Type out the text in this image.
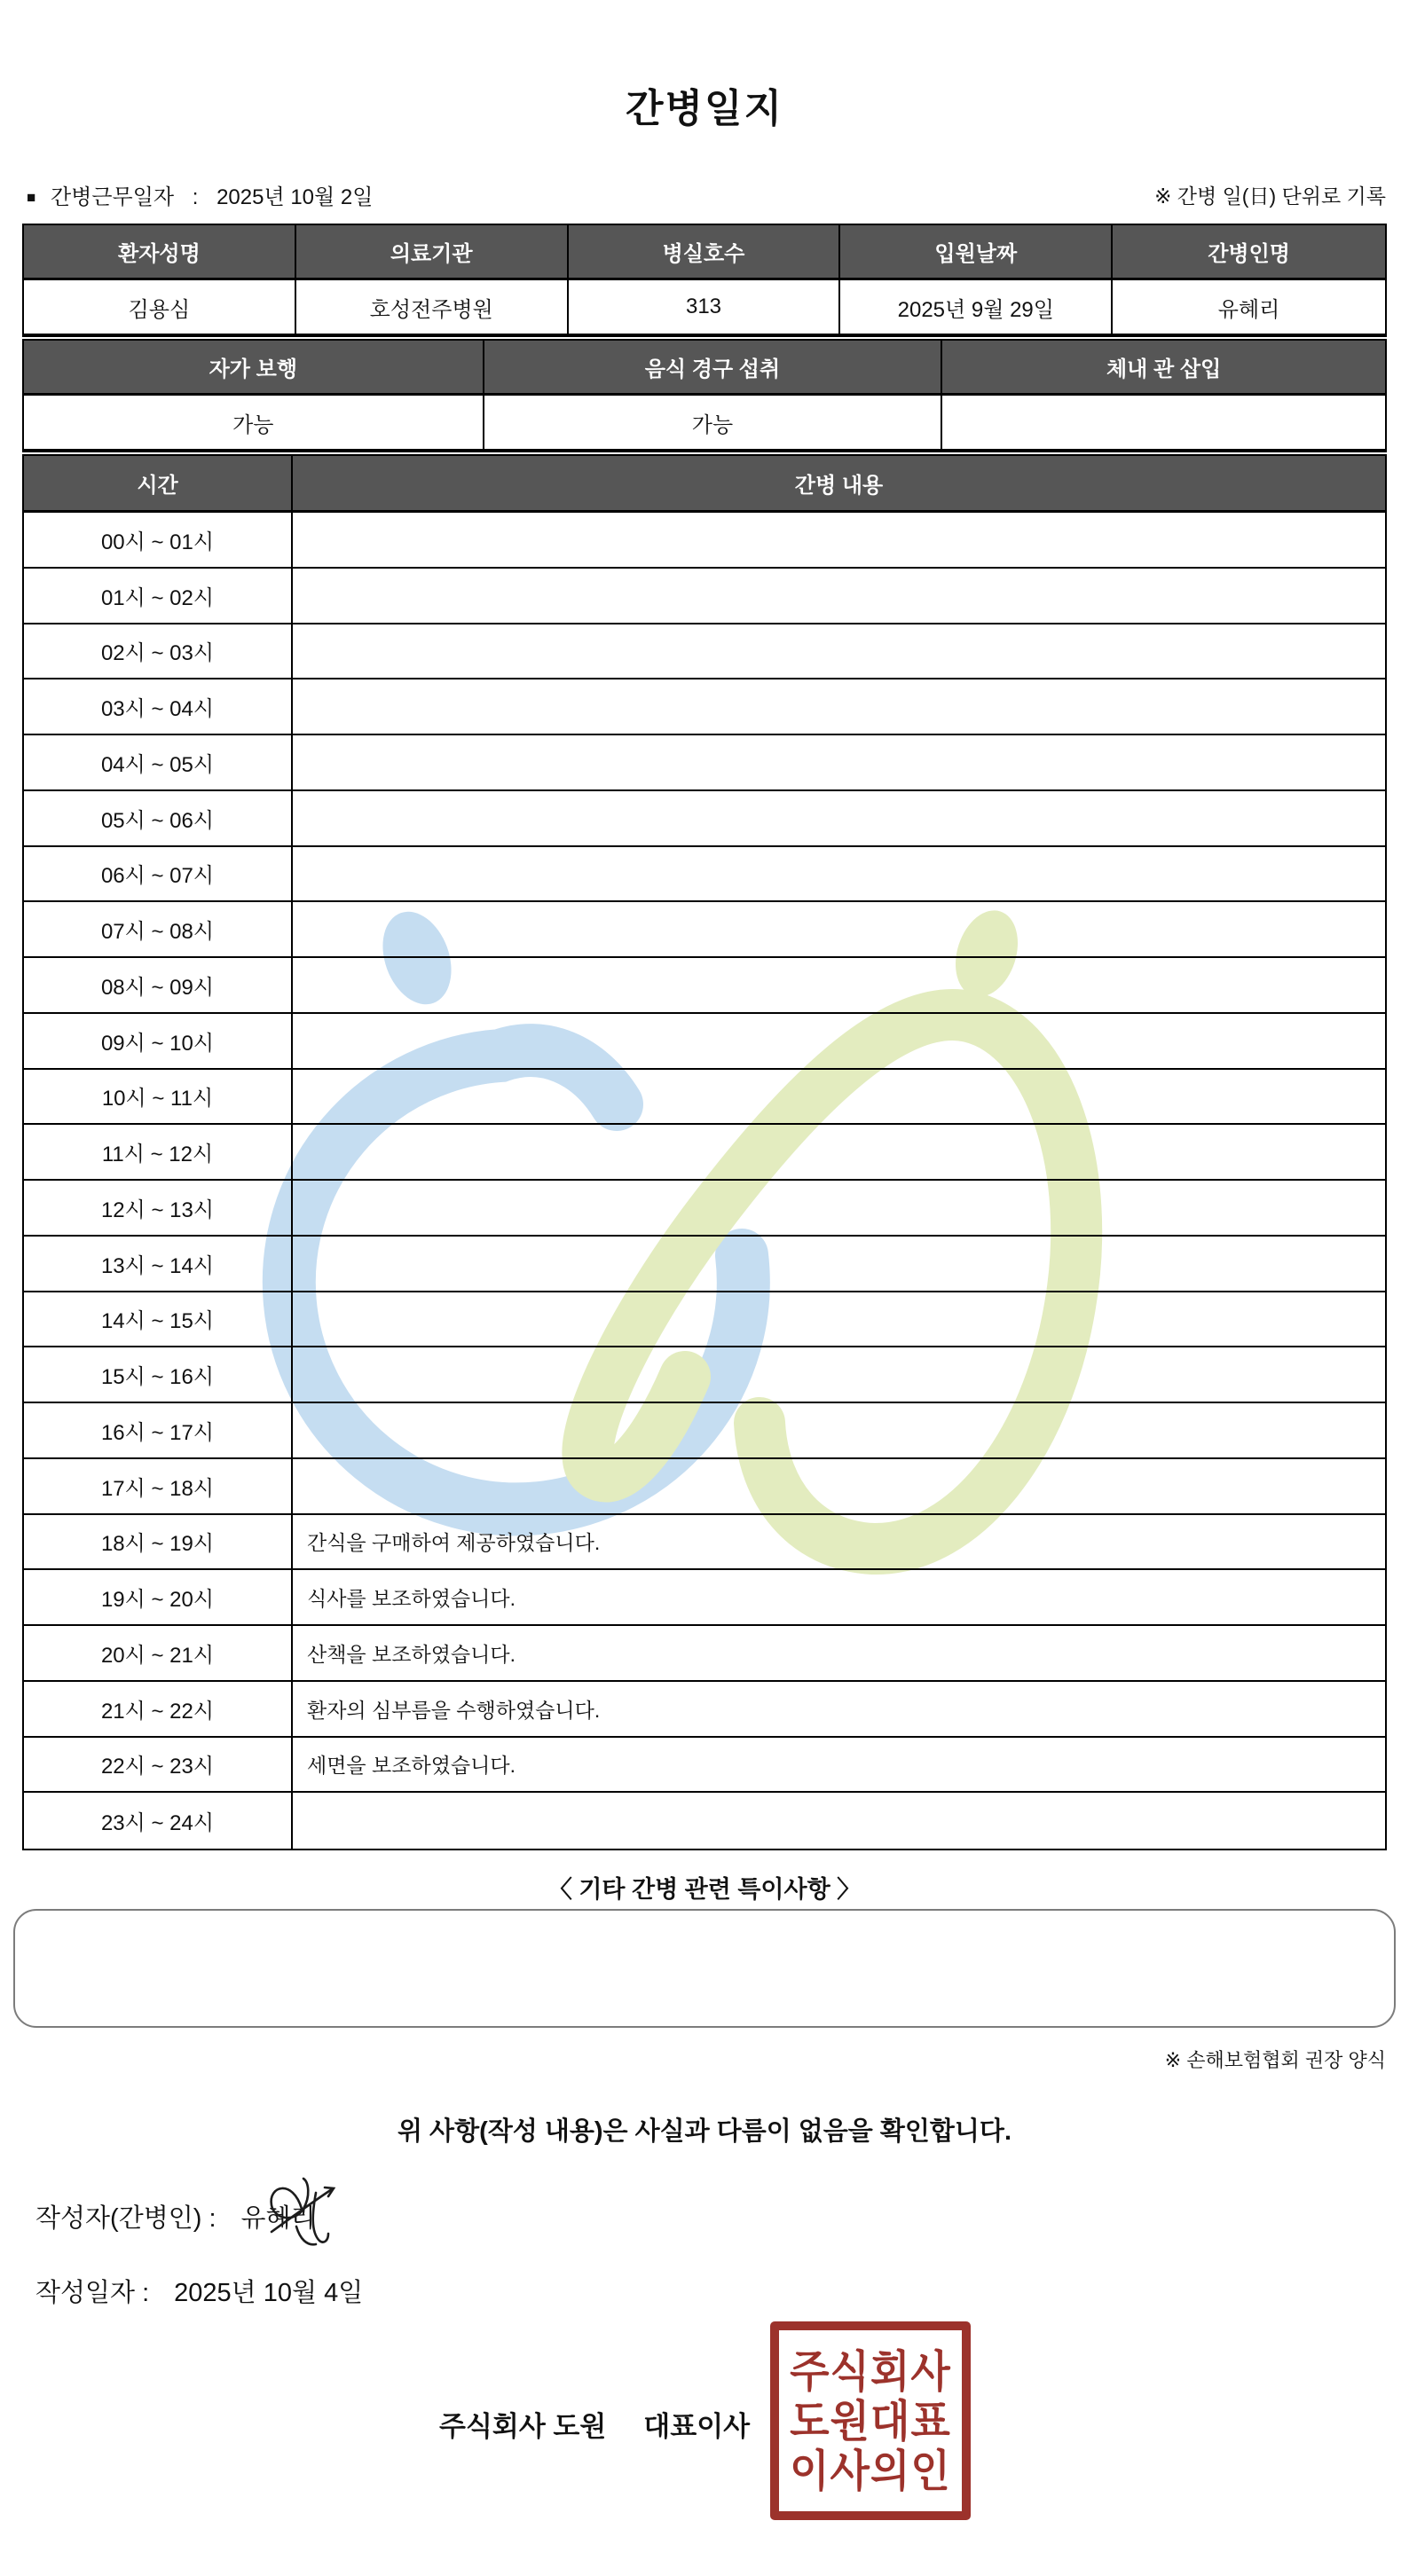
간병일지
■ 간병근무일자 : 2025년 10월 2일	※ 간병 일(日) 단위로 기록
환자성명	의료기관	병실호수	입원날짜	간병인명
김용심	호성전주병원	313	2025년 9월 29일	유혜리
자가 보행	음식 경구 섭취	체내 관 삽입
가능	가능
시간	간병 내용
00시 ~ 01시
01시 ~ 02시
02시 ~ 03시
03시 ~ 04시
04시 ~ 05시
05시 ~ 06시
06시 ~ 07시
07시 ~ 08시
08시 ~ 09시
09시 ~ 10시
10시 ~ 11시
11시 ~ 12시
12시 ~ 13시
13시 ~ 14시
14시 ~ 15시
15시 ~ 16시
16시 ~ 17시
17시 ~ 18시
18시 ~ 19시	간식을 구매하여 제공하였습니다.
19시 ~ 20시	식사를 보조하였습니다.
20시 ~ 21시	산책을 보조하였습니다.
21시 ~ 22시	환자의 심부름을 수행하였습니다.
22시 ~ 23시	세면을 보조하였습니다.
23시 ~ 24시
〈 기타 간병 관련 특이사항 〉
※ 손해보험협회 권장 양식
위 사항(작성 내용)은 사실과 다름이 없음을 확인합니다.
작성자(간병인) : 유혜리
작성일자 : 2025년 10월 4일
주식회사 도원 대표이사
주식회사
도원대표
이사의인
